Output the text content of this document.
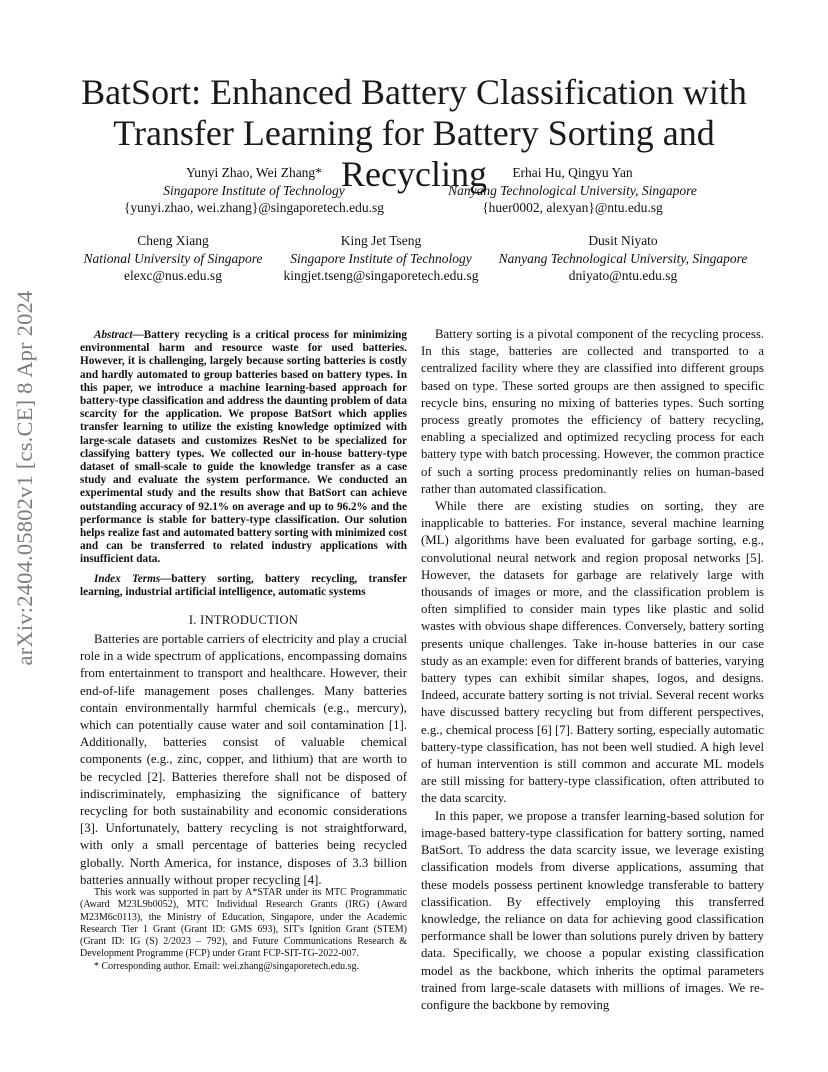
arXiv:2404.05802v1 [cs.CE] 8 Apr 2024
BatSort: Enhanced Battery Classification with
Transfer Learning for Battery Sorting and Recycling
Yunyi Zhao, Wei Zhang*
Singapore Institute of Technology
{yunyi.zhao, wei.zhang}@singaporetech.edu.sg
Erhai Hu, Qingyu Yan
Nanyang Technological University, Singapore
{huer0002, alexyan}@ntu.edu.sg
Cheng Xiang
National University of Singapore
elexc@nus.edu.sg
King Jet Tseng
Singapore Institute of Technology
kingjet.tseng@singaporetech.edu.sg
Dusit Niyato
Nanyang Technological University, Singapore
dniyato@ntu.edu.sg
Abstract—Battery recycling is a critical process for minimizing environmental harm and resource waste for used batteries. However, it is challenging, largely because sorting batteries is costly and hardly automated to group batteries based on battery types. In this paper, we introduce a machine learning-based approach for battery-type classification and address the daunting problem of data scarcity for the application. We propose BatSort which applies transfer learning to utilize the existing knowledge optimized with large-scale datasets and customizes ResNet to be specialized for classifying battery types. We collected our in-house battery-type dataset of small-scale to guide the knowledge transfer as a case study and evaluate the system performance. We conducted an experimental study and the results show that BatSort can achieve outstanding accuracy of 92.1% on average and up to 96.2% and the performance is stable for battery-type classification. Our solution helps realize fast and automated battery sorting with minimized cost and can be transferred to related industry applications with insufficient data.
Index Terms—battery sorting, battery recycling, transfer learning, industrial artificial intelligence, automatic systems
I. INTRODUCTION

Batteries are portable carriers of electricity and play a crucial role in a wide spectrum of applications, encompassing domains from entertainment to transport and healthcare. However, their end-of-life management poses challenges. Many batteries contain environmentally harmful chemicals (e.g., mercury), which can potentially cause water and soil contamination [1]. Additionally, batteries consist of valuable chemical components (e.g., zinc, copper, and lithium) that are worth to be recycled [2]. Batteries therefore shall not be disposed of indiscriminately, emphasizing the significance of battery recycling for both sustainability and economic considerations [3]. Unfortunately, battery recycling is not straightforward, with only a small percentage of batteries being recycled globally. North America, for instance, disposes of 3.3 billion batteries annually without proper recycling [4].

This work was supported in part by A*STAR under its MTC Programmatic (Award M23L9b0052), MTC Individual Research Grants (IRG) (Award M23M6c0113), the Ministry of Education, Singapore, under the Academic Research Tier 1 Grant (Grant ID: GMS 693), SIT's Ignition Grant (STEM) (Grant ID: IG (S) 2/2023 – 792), and Future Communications Research & Development Programme (FCP) under Grant FCP-SIT-TG-2022-007.

* Corresponding author. Email: wei.zhang@singaporetech.edu.sg.

Battery sorting is a pivotal component of the recycling process. In this stage, batteries are collected and transported to a centralized facility where they are classified into different groups based on type. These sorted groups are then assigned to specific recycle bins, ensuring no mixing of batteries types. Such sorting process greatly promotes the efficiency of battery recycling, enabling a specialized and optimized recycling process for each battery type with batch processing. However, the common practice of such a sorting process predominantly relies on human-based rather than automated classification.

While there are existing studies on sorting, they are inapplicable to batteries. For instance, several machine learning (ML) algorithms have been evaluated for garbage sorting, e.g., convolutional neural network and region proposal networks [5]. However, the datasets for garbage are relatively large with thousands of images or more, and the classification problem is often simplified to consider main types like plastic and solid wastes with obvious shape differences. Conversely, battery sorting presents unique challenges. Take in-house batteries in our case study as an example: even for different brands of batteries, varying battery types can exhibit similar shapes, logos, and designs. Indeed, accurate battery sorting is not trivial. Several recent works have discussed battery recycling but from different perspectives, e.g., chemical process [6] [7]. Battery sorting, especially automatic battery-type classification, has not been well studied. A high level of human intervention is still common and accurate ML models are still missing for battery-type classification, often attributed to the data scarcity.

In this paper, we propose a transfer learning-based solution for image-based battery-type classification for battery sorting, named BatSort. To address the data scarcity issue, we leverage existing classification models from diverse applications, assuming that these models possess pertinent knowledge transferable to battery classification. By effectively employing this transferred knowledge, the reliance on data for achieving good classification performance shall be lower than solutions purely driven by battery data. Specifically, we choose a popular existing classification model as the backbone, which inherits the optimal parameters trained from large-scale datasets with millions of images. We re-configure the backbone by removing
